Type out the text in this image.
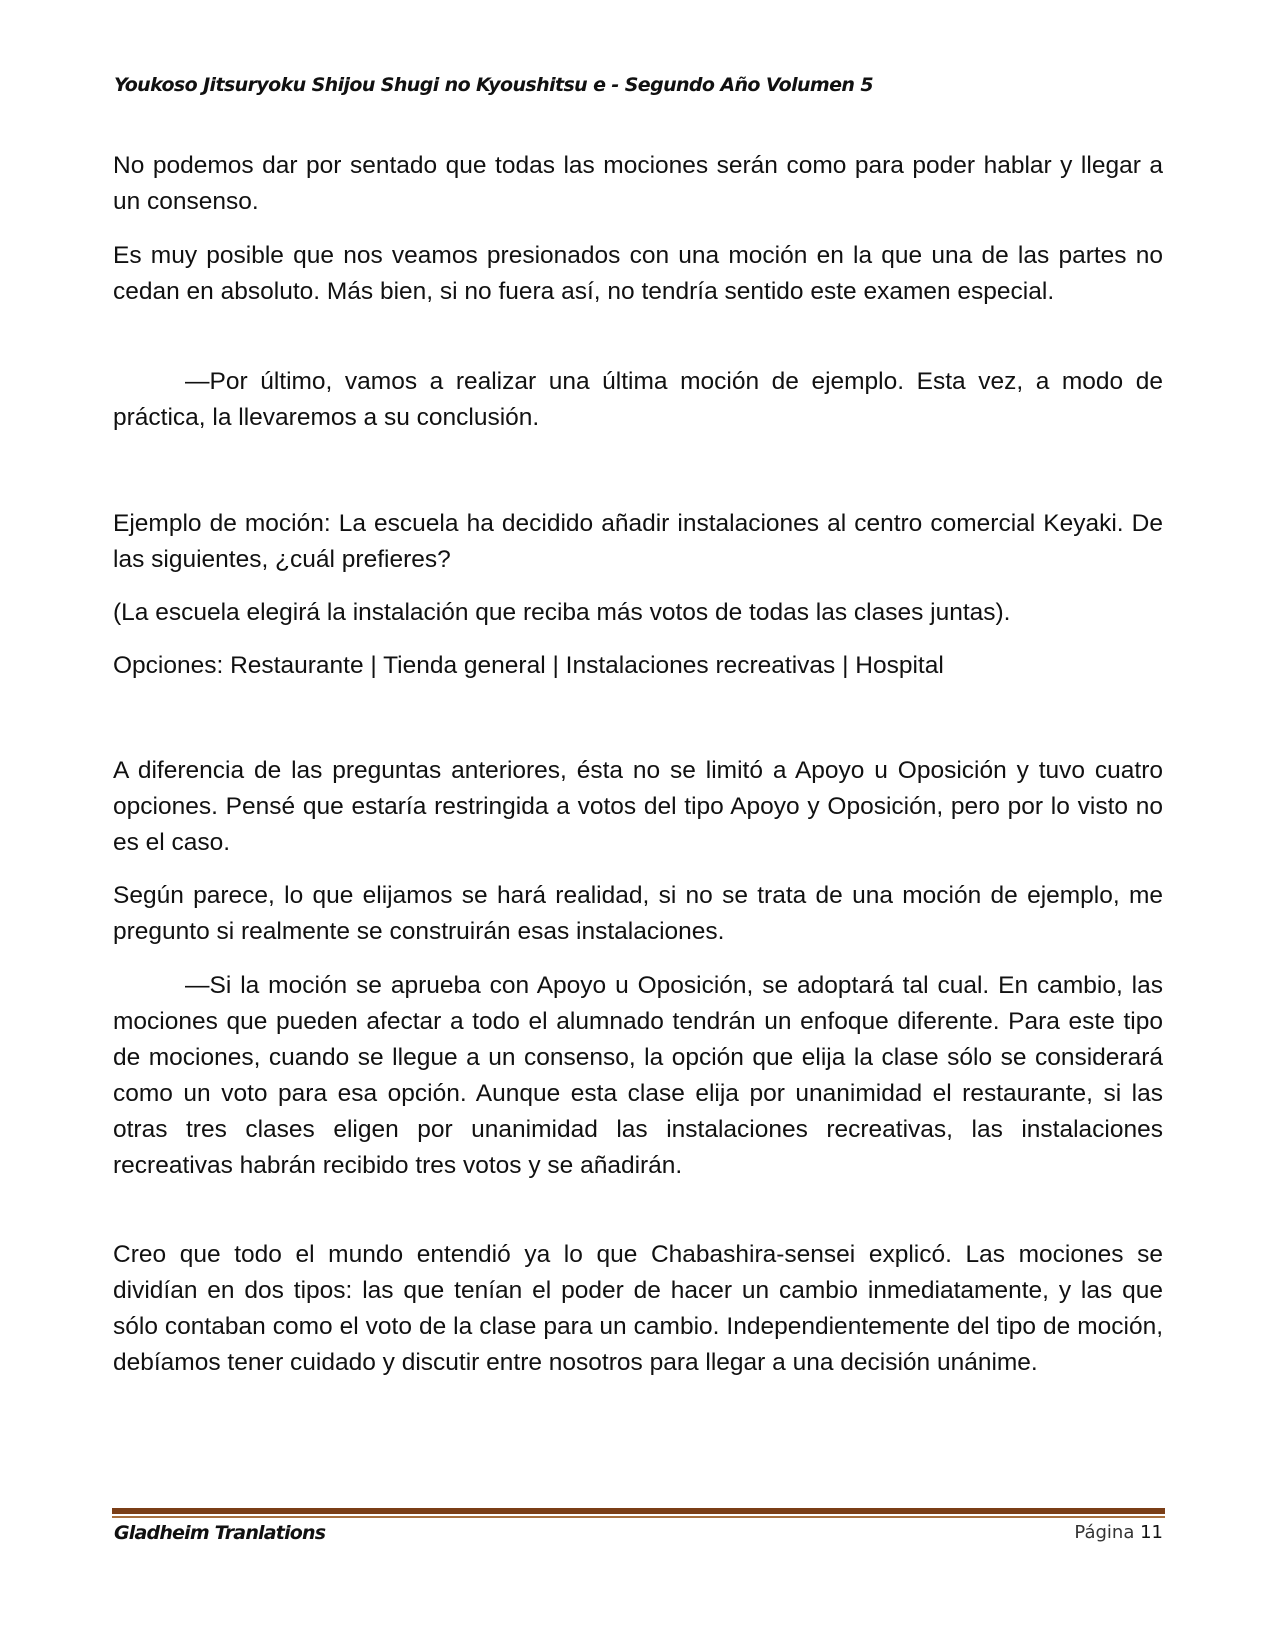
Youkoso Jitsuryoku Shijou Shugi no Kyoushitsu e - Segundo Año Volumen 5

No podemos dar por sentado que todas las mociones serán como para poder hablar y llegar a un consenso.

Es muy posible que nos veamos presionados con una moción en la que una de las partes no cedan en absoluto. Más bien, si no fuera así, no tendría sentido este examen especial.

—Por último, vamos a realizar una última moción de ejemplo. Esta vez, a modo de práctica, la llevaremos a su conclusión.

Ejemplo de moción: La escuela ha decidido añadir instalaciones al centro comercial Keyaki. De las siguientes, ¿cuál prefieres?

(La escuela elegirá la instalación que reciba más votos de todas las clases juntas).

Opciones: Restaurante | Tienda general | Instalaciones recreativas | Hospital

A diferencia de las preguntas anteriores, ésta no se limitó a Apoyo u Oposición y tuvo cuatro opciones. Pensé que estaría restringida a votos del tipo Apoyo y Oposición, pero por lo visto no es el caso.

Según parece, lo que elijamos se hará realidad, si no se trata de una moción de ejemplo, me pregunto si realmente se construirán esas instalaciones.

—Si la moción se aprueba con Apoyo u Oposición, se adoptará tal cual. En cambio, las mociones que pueden afectar a todo el alumnado tendrán un enfoque diferente. Para este tipo de mociones, cuando se llegue a un consenso, la opción que elija la clase sólo se considerará como un voto para esa opción. Aunque esta clase elija por unanimidad el restaurante, si las otras tres clases eligen por unanimidad las instalaciones recreativas, las instalaciones recreativas habrán recibido tres votos y se añadirán.

Creo que todo el mundo entendió ya lo que Chabashira-sensei explicó. Las mociones se dividían en dos tipos: las que tenían el poder de hacer un cambio inmediatamente, y las que sólo contaban como el voto de la clase para un cambio. Independientemente del tipo de moción, debíamos tener cuidado y discutir entre nosotros para llegar a una decisión unánime.

Gladheim Tranlations	Página 11
